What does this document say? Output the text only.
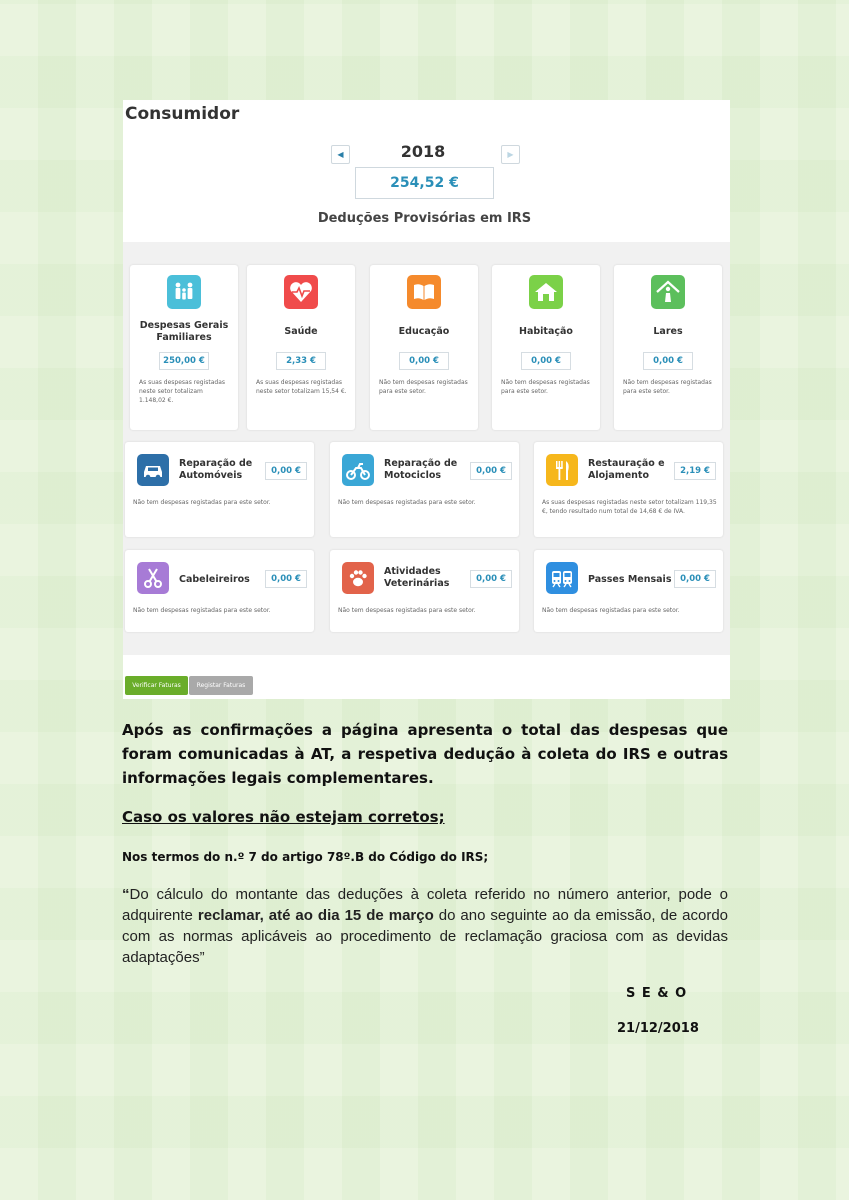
Consumidor
◀	2018	▶
254,52 €
Deduções Provisórias em IRS
Despesas Gerais Familiares
250,00 €
As suas despesas registadas neste setor totalizam 1.148,02 €.
Saúde
2,33 €
As suas despesas registadas neste setor totalizam 15,54 €.
Educação
0,00 €
Não tem despesas registadas para este setor.
Habitação
0,00 €
Não tem despesas registadas para este setor.
Lares
0,00 €
Não tem despesas registadas para este setor.
Reparação de Automóveis	0,00 €
Não tem despesas registadas para este setor.
Reparação de Motociclos	0,00 €
Não tem despesas registadas para este setor.
Restauração e Alojamento	2,19 €
As suas despesas registadas neste setor totalizam 119,35 €, tendo resultado num total de 14,68 € de IVA.
Cabeleireiros	0,00 €
Não tem despesas registadas para este setor.
Atividades Veterinárias	0,00 €
Não tem despesas registadas para este setor.
Passes Mensais	0,00 €
Não tem despesas registadas para este setor.
Verificar Faturas	Registar Faturas
Após as confirmações a página apresenta o total das despesas que foram comunicadas à AT, a respetiva dedução à coleta do IRS e outras informações legais complementares.
Caso os valores não estejam corretos;
Nos termos do n.º 7 do artigo 78º.B do Código do IRS;
“Do cálculo do montante das deduções à coleta referido no número anterior, pode o adquirente reclamar, até ao dia 15 de março do ano seguinte ao da emissão, de acordo com as normas aplicáveis ao procedimento de reclamação graciosa com as devidas adaptações”
S E & O
21/12/2018
